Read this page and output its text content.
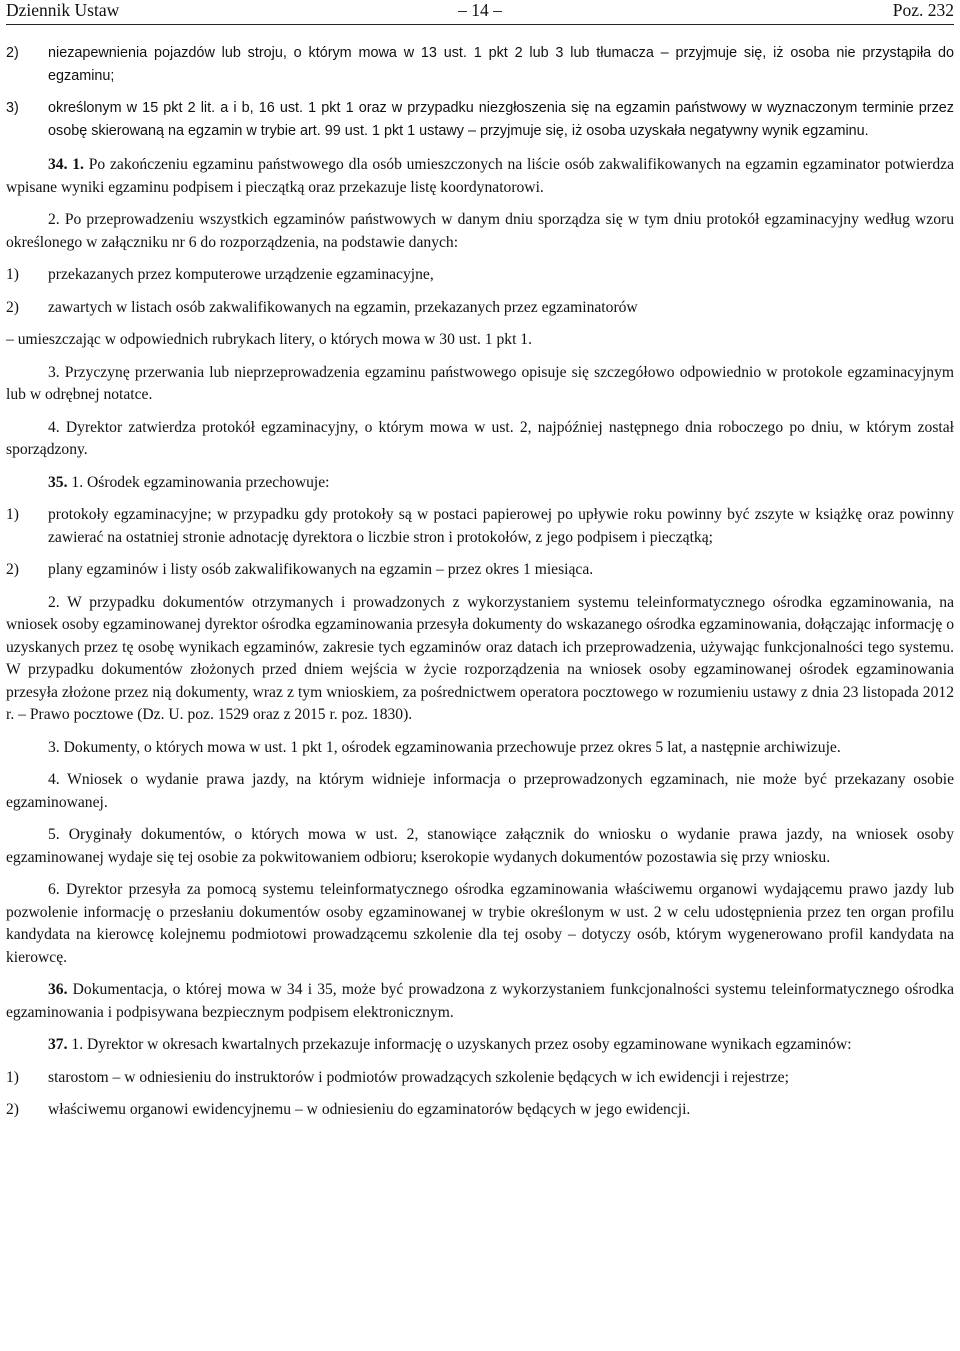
Dziennik Ustaw	– 14 –	Poz. 232
2)	niezapewnienia pojazdów lub stroju, o którym mowa w 13 ust. 1 pkt 2 lub 3 lub tłumacza – przyjmuje się, iż osoba nie przystąpiła do egzaminu;
3)	określonym w 15 pkt 2 lit. a i b, 16 ust. 1 pkt 1 oraz w przypadku niezgłoszenia się na egzamin państwowy w wyznaczonym terminie przez osobę skierowaną na egzamin w trybie art. 99 ust. 1 pkt 1 ustawy – przyjmuje się, iż osoba uzyskała negatywny wynik egzaminu.

34. 1. Po zakończeniu egzaminu państwowego dla osób umieszczonych na liście osób zakwalifikowanych na egzamin egzaminator potwierdza wpisane wyniki egzaminu podpisem i pieczątką oraz przekazuje listę koordynatorowi.

2. Po przeprowadzeniu wszystkich egzaminów państwowych w danym dniu sporządza się w tym dniu protokół egzaminacyjny według wzoru określonego w załączniku nr 6 do rozporządzenia, na podstawie danych:

1)	przekazanych przez komputerowe urządzenie egzaminacyjne,
2)	zawartych w listach osób zakwalifikowanych na egzamin, przekazanych przez egzaminatorów

– umieszczając w odpowiednich rubrykach litery, o których mowa w 30 ust. 1 pkt 1.

3. Przyczynę przerwania lub nieprzeprowadzenia egzaminu państwowego opisuje się szczegółowo odpowiednio w protokole egzaminacyjnym lub w odrębnej notatce.

4. Dyrektor zatwierdza protokół egzaminacyjny, o którym mowa w ust. 2, najpóźniej następnego dnia roboczego po dniu, w którym został sporządzony.

35. 1. Ośrodek egzaminowania przechowuje:

1)	protokoły egzaminacyjne; w przypadku gdy protokoły są w postaci papierowej po upływie roku powinny być zszyte w książkę oraz powinny zawierać na ostatniej stronie adnotację dyrektora o liczbie stron i protokołów, z jego podpisem i pieczątką;
2)	plany egzaminów i listy osób zakwalifikowanych na egzamin – przez okres 1 miesiąca.

2. W przypadku dokumentów otrzymanych i prowadzonych z wykorzystaniem systemu teleinformatycznego ośrodka egzaminowania, na wniosek osoby egzaminowanej dyrektor ośrodka egzaminowania przesyła dokumenty do wskazanego ośrodka egzaminowania, dołączając informację o uzyskanych przez tę osobę wynikach egzaminów, zakresie tych egzaminów oraz datach ich przeprowadzenia, używając funkcjonalności tego systemu. W przypadku dokumentów złożonych przed dniem wejścia w życie rozporządzenia na wniosek osoby egzaminowanej ośrodek egzaminowania przesyła złożone przez nią dokumenty, wraz z tym wnioskiem, za pośrednictwem operatora pocztowego w rozumieniu ustawy z dnia 23 listopada 2012 r. – Prawo pocztowe (Dz. U. poz. 1529 oraz z 2015 r. poz. 1830).

3. Dokumenty, o których mowa w ust. 1 pkt 1, ośrodek egzaminowania przechowuje przez okres 5 lat, a następnie archiwizuje.

4. Wniosek o wydanie prawa jazdy, na którym widnieje informacja o przeprowadzonych egzaminach, nie może być przekazany osobie egzaminowanej.

5. Oryginały dokumentów, o których mowa w ust. 2, stanowiące załącznik do wniosku o wydanie prawa jazdy, na wniosek osoby egzaminowanej wydaje się tej osobie za pokwitowaniem odbioru; kserokopie wydanych dokumentów pozostawia się przy wniosku.

6. Dyrektor przesyła za pomocą systemu teleinformatycznego ośrodka egzaminowania właściwemu organowi wydającemu prawo jazdy lub pozwolenie informację o przesłaniu dokumentów osoby egzaminowanej w trybie określonym w ust. 2 w celu udostępnienia przez ten organ profilu kandydata na kierowcę kolejnemu podmiotowi prowadzącemu szkolenie dla tej osoby – dotyczy osób, którym wygenerowano profil kandydata na kierowcę.

36. Dokumentacja, o której mowa w 34 i 35, może być prowadzona z wykorzystaniem funkcjonalności systemu teleinformatycznego ośrodka egzaminowania i podpisywana bezpiecznym podpisem elektronicznym.

37. 1. Dyrektor w okresach kwartalnych przekazuje informację o uzyskanych przez osoby egzaminowane wynikach egzaminów:

1)	starostom – w odniesieniu do instruktorów i podmiotów prowadzących szkolenie będących w ich ewidencji i rejestrze;
2)	właściwemu organowi ewidencyjnemu – w odniesieniu do egzaminatorów będących w jego ewidencji.
